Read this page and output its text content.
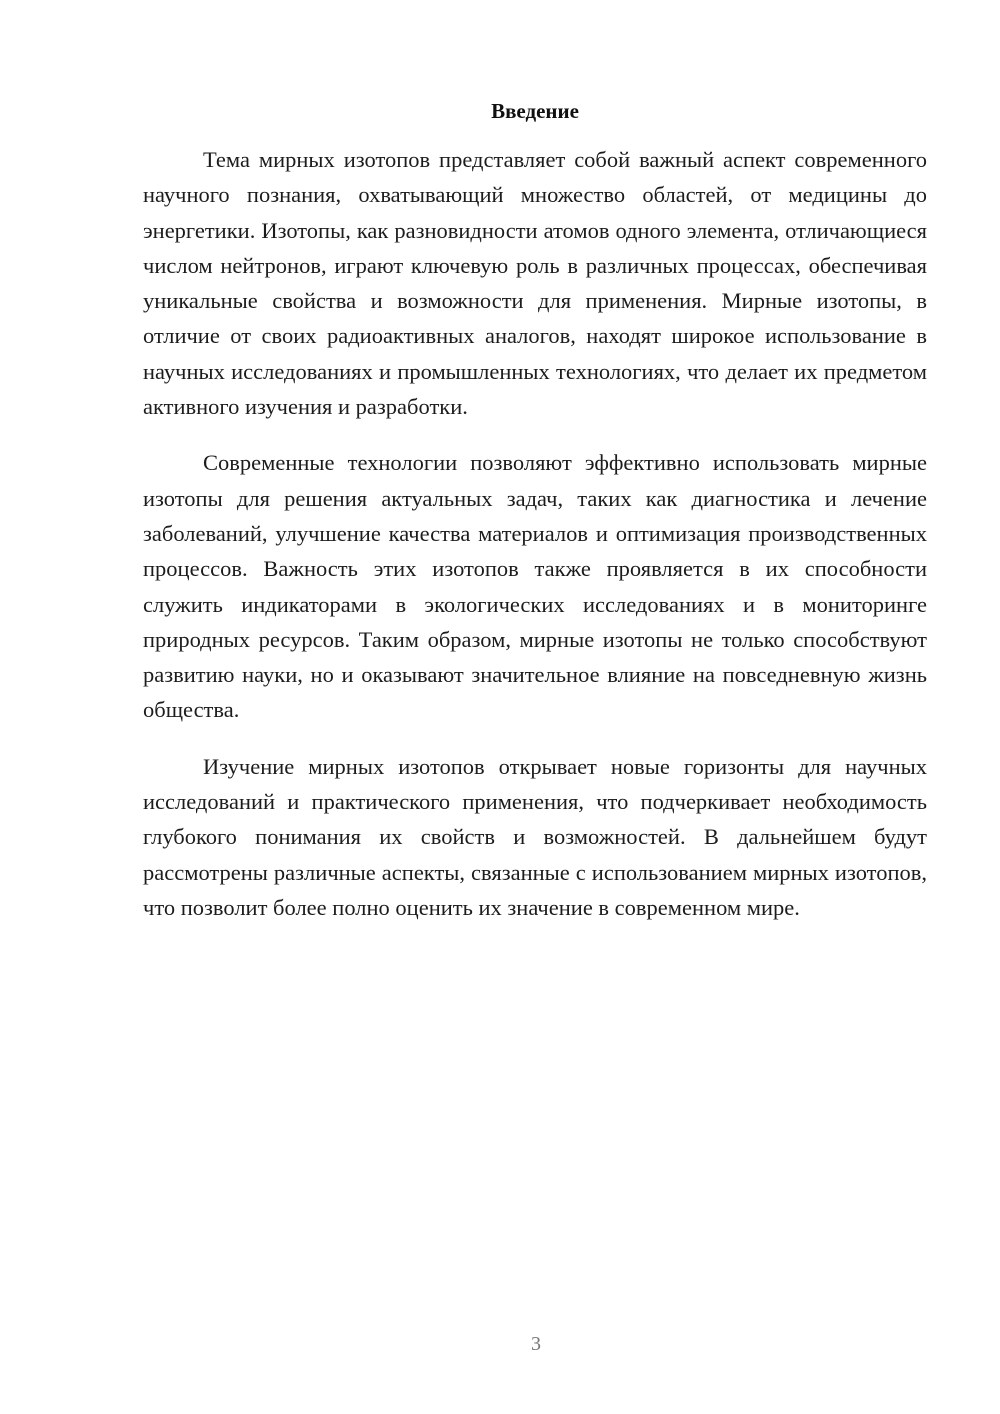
Введение

Тема мирных изотопов представляет собой важный аспект современного научного познания, охватывающий множество областей, от медицины до энергетики. Изотопы, как разновидности атомов одного элемента, отличающиеся числом нейтронов, играют ключевую роль в различных процессах, обеспечивая уникальные свойства и возможности для применения. Мирные изотопы, в отличие от своих радиоактивных аналогов, находят широкое использование в научных исследованиях и промышленных технологиях, что делает их предметом активного изучения и разработки.

Современные технологии позволяют эффективно использовать мирные изотопы для решения актуальных задач, таких как диагностика и лечение заболеваний, улучшение качества материалов и оптимизация производственных процессов. Важность этих изотопов также проявляется в их способности служить индикаторами в экологических исследованиях и в мониторинге природных ресурсов. Таким образом, мирные изотопы не только способствуют развитию науки, но и оказывают значительное влияние на повседневную жизнь общества.

Изучение мирных изотопов открывает новые горизонты для научных исследований и практического применения, что подчеркивает необходимость глубокого понимания их свойств и возможностей. В дальнейшем будут рассмотрены различные аспекты, связанные с использованием мирных изотопов, что позволит более полно оценить их значение в современном мире.

3
